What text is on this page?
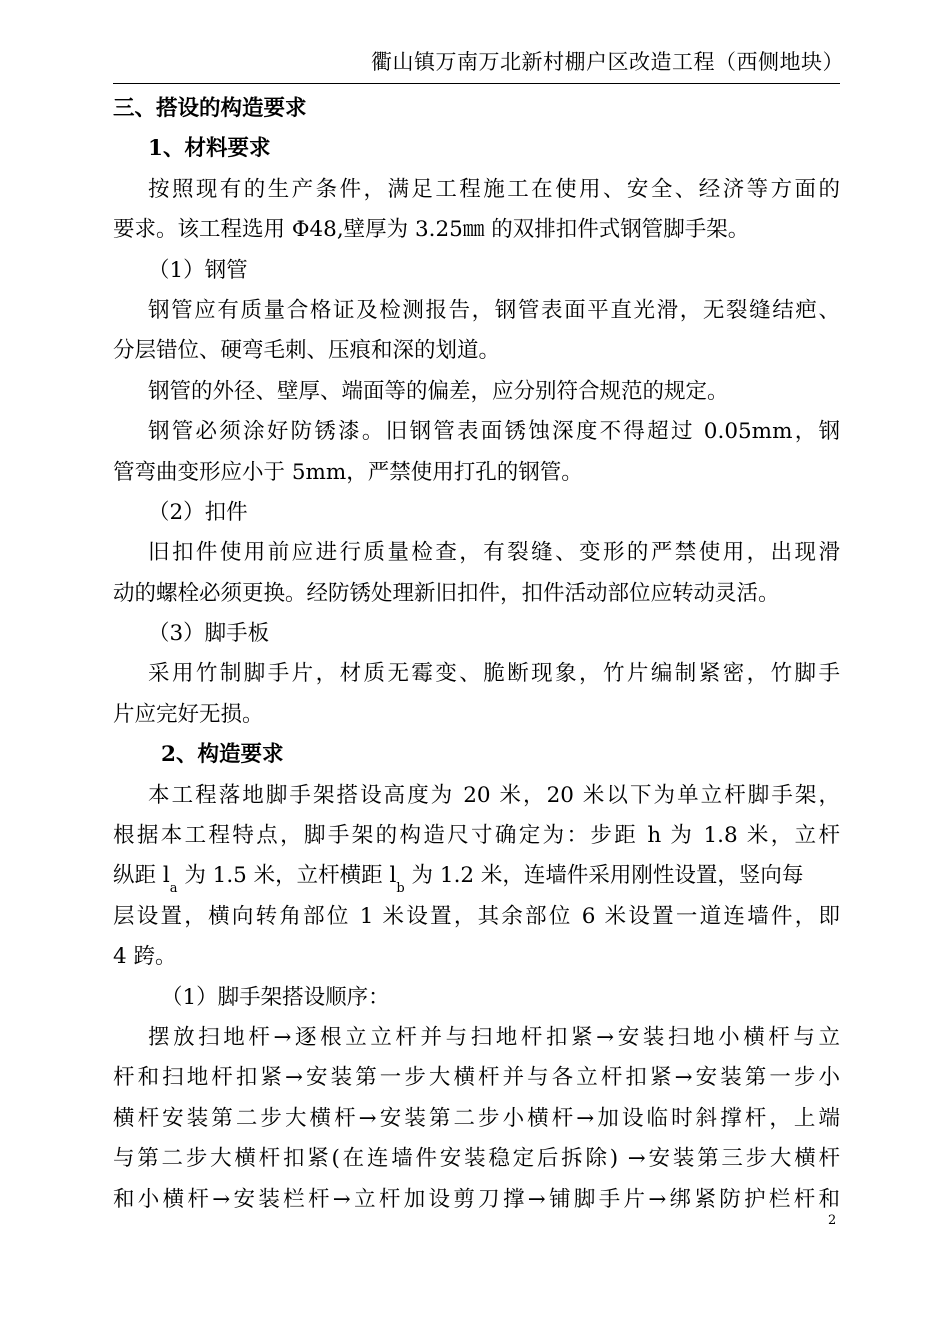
衢山镇万南万北新村棚户区改造工程（西侧地块）
三、搭设的构造要求
1、材料要求
按照现有的生产条件，满足工程施工在使用、安全、经济等方面的
要求。该工程选用 Φ48,壁厚为 3.25㎜ 的双排扣件式钢管脚手架。
（1）钢管
钢管应有质量合格证及检测报告，钢管表面平直光滑，无裂缝结疤、
分层错位、硬弯毛刺、压痕和深的划道。
钢管的外径、壁厚、端面等的偏差，应分别符合规范的规定。
钢管必须涂好防锈漆。旧钢管表面锈蚀深度不得超过 0.05mm，钢
管弯曲变形应小于 5mm，严禁使用打孔的钢管。
（2）扣件
旧扣件使用前应进行质量检查，有裂缝、变形的严禁使用，出现滑
动的螺栓必须更换。经防锈处理新旧扣件，扣件活动部位应转动灵活。
（3）脚手板
采用竹制脚手片，材质无霉变、脆断现象，竹片编制紧密，竹脚手
片应完好无损。
2、构造要求
本工程落地脚手架搭设高度为 20 米，20 米以下为单立杆脚手架，
根据本工程特点，脚手架的构造尺寸确定为：步距 h 为 1.8 米，立杆
纵距 $l_a$ 为 1.5 米，立杆横距 $l_b$ 为 1.2 米，连墙件采用刚性设置，竖向每
层设置，横向转角部位 1 米设置，其余部位 6 米设置一道连墙件，即
4 跨。
（1）脚手架搭设顺序：
摆放扫地杆→逐根立立杆并与扫地杆扣紧→安装扫地小横杆与立
杆和扫地杆扣紧→安装第一步大横杆并与各立杆扣紧→安装第一步小
横杆安装第二步大横杆→安装第二步小横杆→加设临时斜撑杆，上端
与第二步大横杆扣紧(在连墙件安装稳定后拆除) →安装第三步大横杆
和小横杆→安装栏杆→立杆加设剪刀撑→铺脚手片→绑紧防护栏杆和
2
